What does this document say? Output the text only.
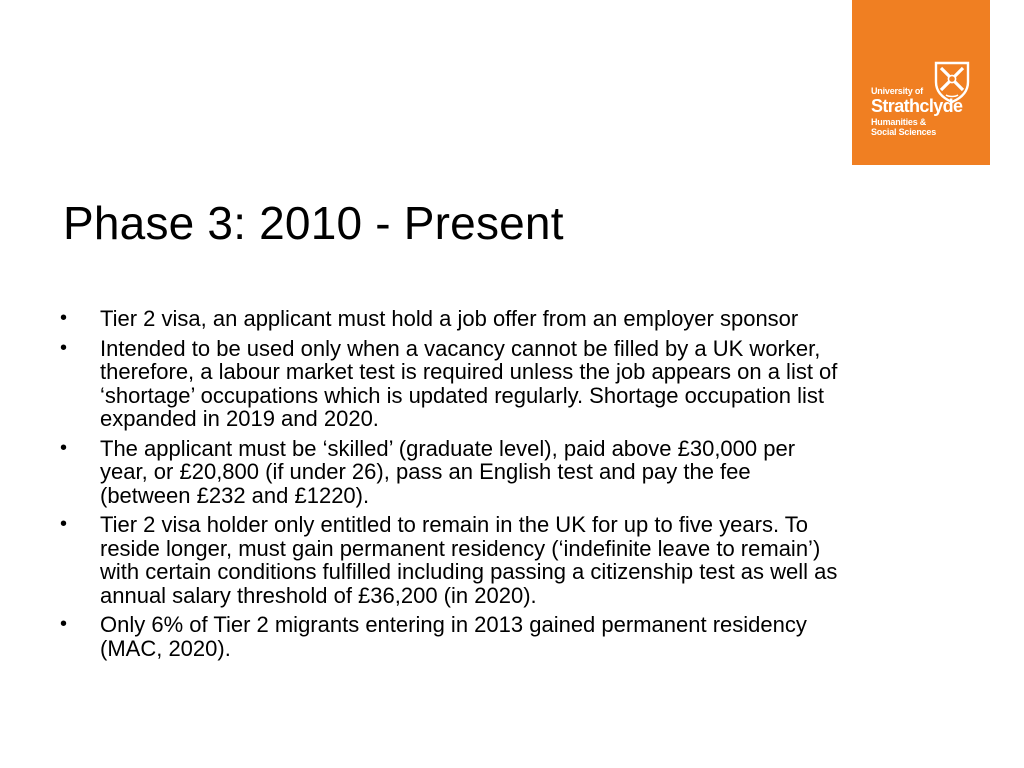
University of
Strathclyde
Humanities &
Social Sciences
Phase 3: 2010 - Present
• Tier 2 visa, an applicant must hold a job offer from an employer sponsor
• Intended to be used only when a vacancy cannot be filled by a UK worker,
therefore, a labour market test is required unless the job appears on a list of
‘shortage’ occupations which is updated regularly. Shortage occupation list
expanded in 2019 and 2020.
• The applicant must be ‘skilled’ (graduate level), paid above £30,000 per
year, or £20,800 (if under 26), pass an English test and pay the fee
(between £232 and £1220).
• Tier 2 visa holder only entitled to remain in the UK for up to five years. To
reside longer, must gain permanent residency (‘indefinite leave to remain’)
with certain conditions fulfilled including passing a citizenship test as well as
annual salary threshold of £36,200 (in 2020).
• Only 6% of Tier 2 migrants entering in 2013 gained permanent residency
(MAC, 2020).
